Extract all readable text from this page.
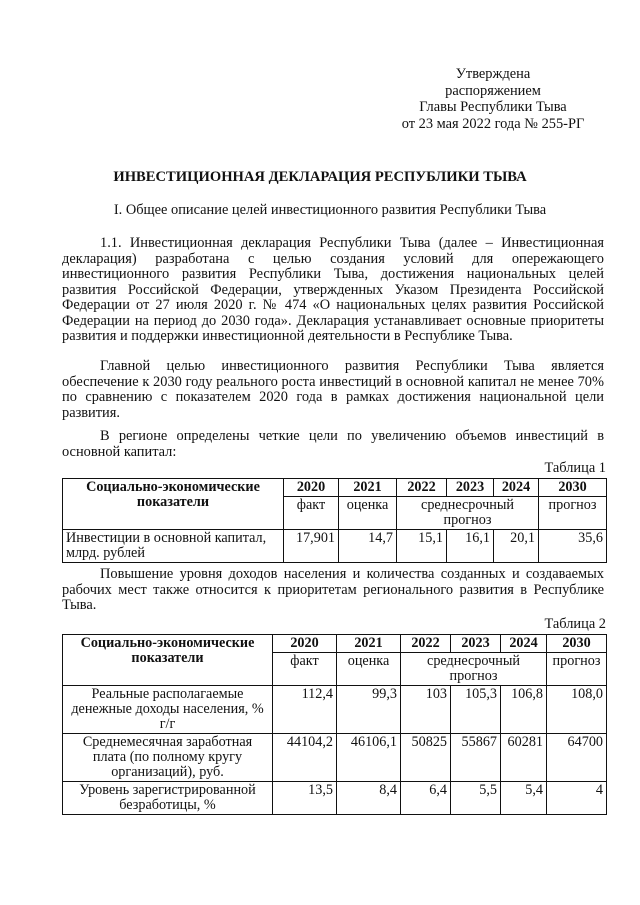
Утверждена
распоряжением
Главы Республики Тыва
от 23 мая 2022 года № 255-РГ
ИНВЕСТИЦИОННАЯ ДЕКЛАРАЦИЯ РЕСПУБЛИКИ ТЫВА
I. Общее описание целей инвестиционного развития Республики Тыва

1.1. Инвестиционная декларация Республики Тыва (далее – Инвестиционная декларация) разработана с целью создания условий для опережающего инвестиционного развития Республики Тыва, достижения национальных целей развития Российской Федерации, утвержденных Указом Президента Российской Федерации от 27 июля 2020 г. № 474 «О национальных целях развития Российской Федерации на период до 2030 года». Декларация устанавливает основные приоритеты развития и поддержки инвестиционной деятельности в Республике Тыва.

Главной целью инвестиционного развития Республики Тыва является обеспечение к 2030 году реального роста инвестиций в основной капитал не менее 70% по сравнению с показателем 2020 года в рамках достижения национальной цели развития.

В регионе определены четкие цели по увеличению объемов инвестиций в основной капитал:

Таблица 1
Социально-экономические показатели	2020	2021	2022	2023	2024	2030
	факт	оценка	среднесрочный прогноз			прогноз
Инвестиции в основной капитал, млрд. рублей	17,901	14,7	15,1	16,1	20,1	35,6

Повышение уровня доходов населения и количества созданных и создаваемых рабочих мест также относится к приоритетам регионального развития в Республике Тыва.

Таблица 2
Социально-экономические показатели	2020	2021	2022	2023	2024	2030
	факт	оценка	среднесрочный прогноз			прогноз
Реальные располагаемые денежные доходы населения, % г/г	112,4	99,3	103	105,3	106,8	108,0
Среднемесячная заработная плата (по полному кругу организаций), руб.	44104,2	46106,1	50825	55867	60281	64700
Уровень зарегистрированной безработицы, %	13,5	8,4	6,4	5,5	5,4	4
